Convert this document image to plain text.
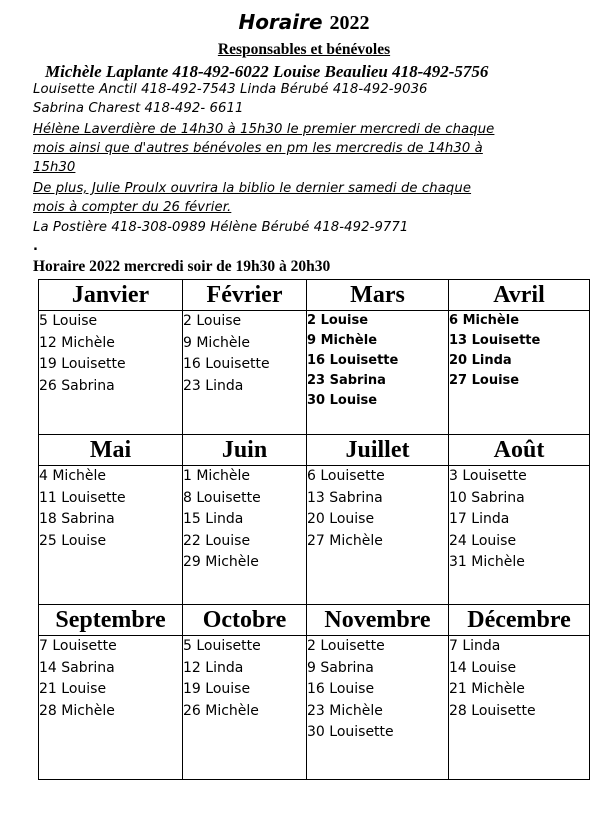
Horaire 2022
Responsables et bénévoles
Michèle Laplante 418-492-6022 Louise Beaulieu 418-492-5756
Louisette Anctil 418-492-7543 Linda Bérubé 418-492-9036
Sabrina Charest 418-492- 6611
Hélène Laverdière de 14h30 à 15h30 le premier mercredi de chaque
mois ainsi que d'autres bénévoles en pm les mercredis de 14h30 à
15h30
De plus, Julie Proulx ouvrira la biblio le dernier samedi de chaque
mois à compter du 26 février.
La Postière 418-308-0989 Hélène Bérubé 418-492-9771
.
Horaire 2022 mercredi soir de 19h30 à 20h30
Janvier	Février	Mars	Avril

5 Louise
12 Michèle
19 Louisette
26 Sabrina	2 Louise
9 Michèle
16 Louisette
23 Linda	2 Louise
9 Michèle
16 Louisette
23 Sabrina
30 Louise	6 Michèle
13 Louisette
20 Linda
27 Louise

Mai	Juin	Juillet	Août

4 Michèle
11 Louisette
18 Sabrina
25 Louise	1 Michèle
8 Louisette
15 Linda
22 Louise
29 Michèle	6 Louisette
13 Sabrina
20 Louise
27 Michèle	3 Louisette
10 Sabrina
17 Linda
24 Louise
31 Michèle

Septembre	Octobre	Novembre	Décembre

7 Louisette
14 Sabrina
21 Louise
28 Michèle	5 Louisette
12 Linda
19 Louise
26 Michèle	2 Louisette
9 Sabrina
16 Louise
23 Michèle
30 Louisette	7 Linda
14 Louise
21 Michèle
28 Louisette
